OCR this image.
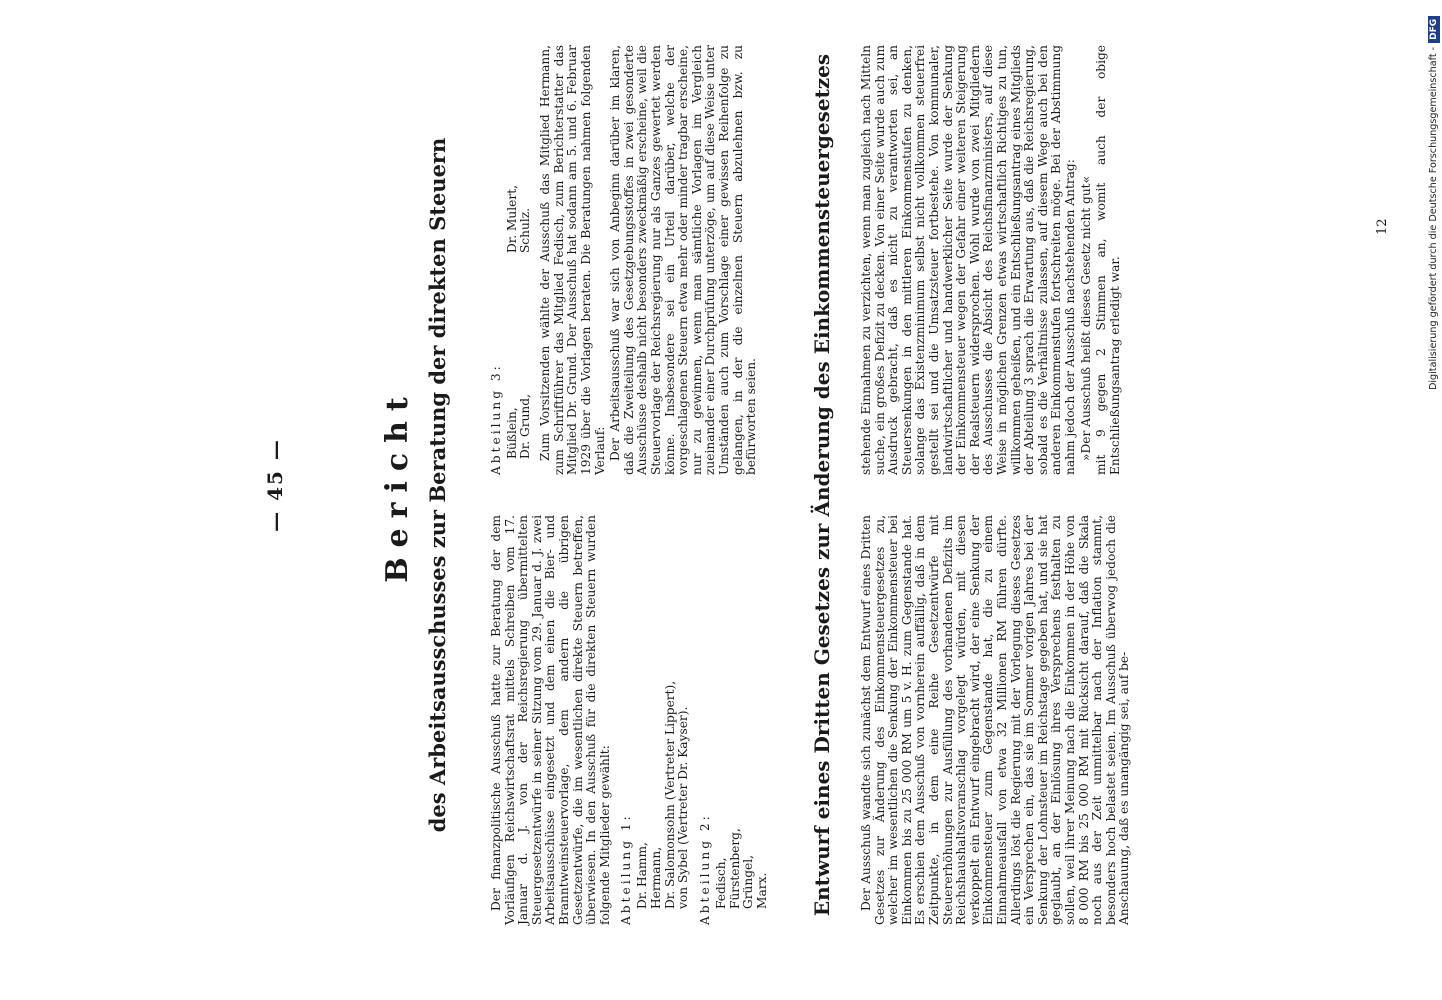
— 45 —	Bericht des Arbeitsausschusses zur Beratung der direkten Steuern	Der finanzpolitische Ausschuß hatte zur Beratung der dem Vorläufigen Reichswirtschaftsrat mittels Schreiben vom 17. Januar d. J. von der Reichsregierung übermittelten Steuergesetzentwürfe in seiner Sitzung vom 29. Januar d. J. zwei Arbeitsausschüsse eingesetzt und dem einen die Bier- und Branntweinsteuervorlage, dem andern die übrigen Gesetzentwürfe, die im wesentlichen direkte Steuern betreffen, überwiesen. In den Ausschuß für die direkten Steuern wurden folgende Mitglieder gewählt: Abteilung 1: Dr. Hamm, Hermann, Dr. Salomonsohn (Vertreter Lippert), von Sybel (Vertreter Dr. Kayser). Abteilung 2: Fedisch, Fürstenberg, Grüngel, Marx.

Abteilung 3: Büßlein, Dr. Grund,
Dr. Mulert, Schulz. Zum Vorsitzenden wählte der Ausschuß das Mitglied Hermann, zum Schriftführer das Mitglied Fedisch, zum Berichterstatter das Mitglied Dr. Grund. Der Ausschuß hat sodann am 5. und 6. Februar 1929 über die Vorlagen beraten. Die Beratungen nahmen folgenden Verlauf: Der Arbeitsausschuß war sich von Anbeginn darüber im klaren, daß die Zweiteilung des Gesetzgebungsstoffes in zwei gesonderte Ausschüsse deshalb nicht besonders zweckmäßig erscheine, weil die Steuervorlage der Reichsregierung nur als Ganzes gewertet werden könne. Insbesondere sei ein Urteil darüber, welche der vorgeschlagenen Steuern etwa mehr oder minder tragbar erscheine, nur zu gewinnen, wenn man sämtliche Vorlagen im Vergleich zueinander einer Durchprüfung unterzöge, um auf diese Weise unter Umständen auch zum Vorschlage einer gewissen Reihenfolge zu gelangen, in der die einzelnen Steuern abzulehnen bzw. zu befürworten seien.	Entwurf eines Dritten Gesetzes zur Änderung des Einkommensteuergesetzes Der Ausschuß wandte sich zunächst dem Entwurf eines Dritten Gesetzes zur Änderung des Einkommensteuergesetzes zu, welcher im wesentlichen die Senkung der Einkommensteuer bei Einkommen bis zu 25 000 RM um 5 v. H. zum Gegenstande hat. Es erschien dem Ausschuß von vornherein auffällig, daß in dem Zeitpunkte, in dem eine Reihe Gesetzentwürfe mit Steuererhöhungen zur Ausfüllung des vorhandenen Defizits im Reichshaushaltsvoranschlag vorgelegt würden, mit diesen verkoppelt ein Entwurf eingebracht wird, der eine Senkung der Einkommensteuer zum Gegenstande hat, die zu einem Einnahmeausfall von etwa 32 Millionen RM führen dürfte. Allerdings löst die Regierung mit der Vorlegung dieses Gesetzes ein Versprechen ein, das sie im Sommer vorigen Jahres bei der Senkung der Lohnsteuer im Reichstage gegeben hat, und sie hat geglaubt, an der Einlösung ihres Versprechens festhalten zu sollen, weil ihrer Meinung nach die Einkommen in der Höhe von 8 000 RM bis 25 000 RM mit Rücksicht darauf, daß die Skala noch aus der Zeit unmittelbar nach der Inflation stammt, besonders hoch belastet seien. Im Ausschuß überwog jedoch die Anschauung, daß es unangängig sei, auf be-

stehende Einnahmen zu verzichten, wenn man zugleich nach Mitteln suche, ein großes Defizit zu decken. Von einer Seite wurde auch zum Ausdruck gebracht, daß es nicht zu verantworten sei, an Steuersenkungen in den mittleren Einkommenstufen zu denken, solange das Existenzminimum selbst nicht vollkommen steuerfrei gestellt sei und die Umsatzsteuer fortbestehe. Von kommunaler, landwirtschaftlicher und handwerklicher Seite wurde der Senkung der Einkommensteuer wegen der Gefahr einer weiteren Steigerung der Realsteuern widersprochen. Wohl wurde von zwei Mitgliedern des Ausschusses die Absicht des Reichsfinanzministers, auf diese Weise in möglichen Grenzen etwas wirtschaftlich Richtiges zu tun, willkommen geheißen, und ein Entschließungsantrag eines Mitglieds der Abteilung 3 sprach die Erwartung aus, daß die Reichsregierung, sobald es die Verhältnisse zulassen, auf diesem Wege auch bei den anderen Einkommenstufen fortschreiten möge. Bei der Abstimmung nahm jedoch der Ausschuß nachstehenden Antrag: »Der Ausschuß heißt dieses Gesetz nicht gut« mit 9 gegen 2 Stimmen an, womit auch der obige Entschließungsantrag erledigt war.

12	Digitalisierung gefördert durch die Deutsche Forschungsgemeinschaft -DFG
